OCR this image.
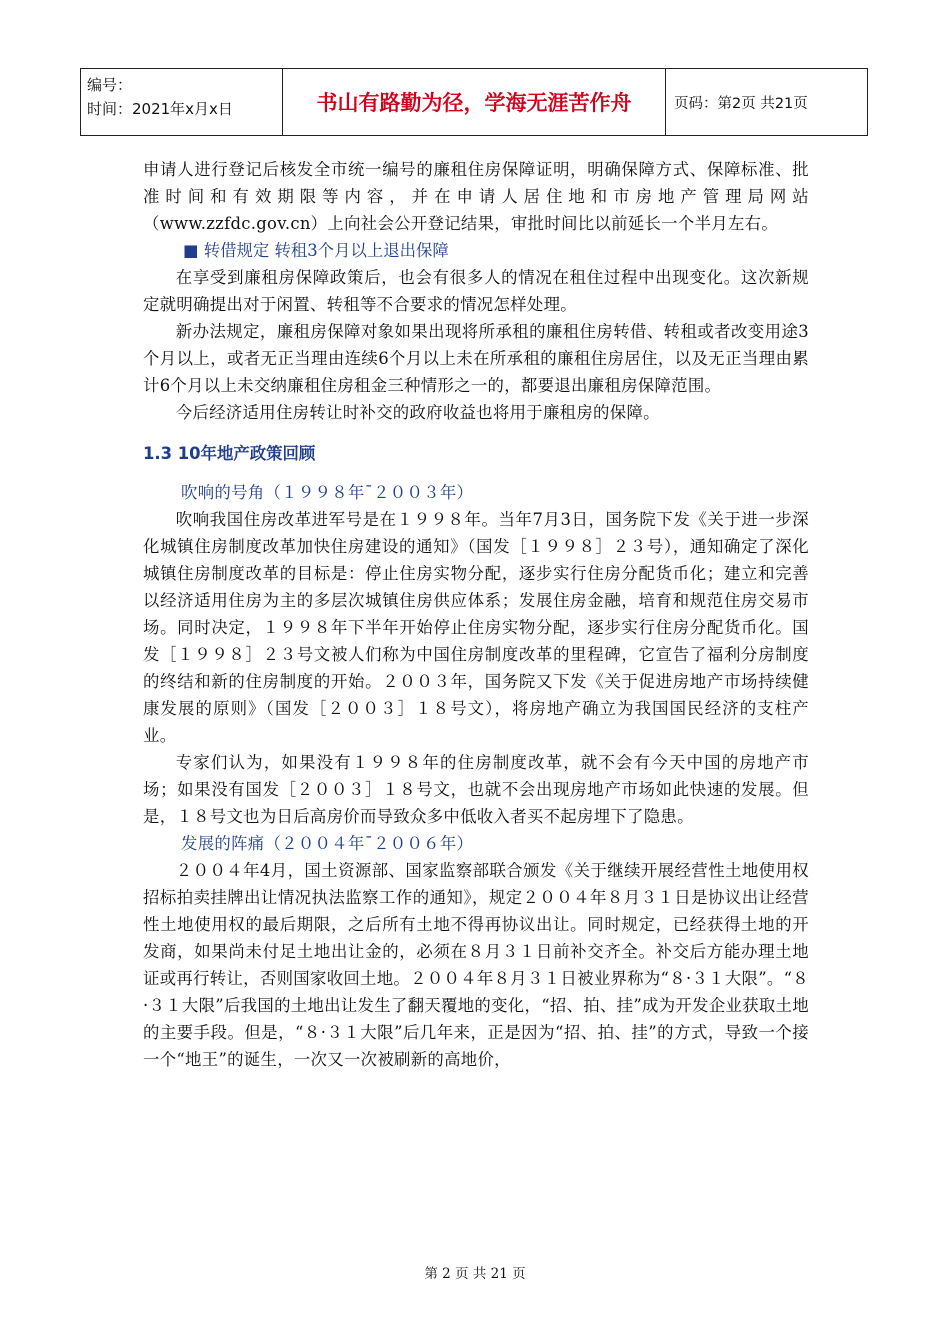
编号：
时间：2021年x月x日	书山有路勤为径，学海无涯苦作舟	页码：第2页 共21页

申请人进行登记后核发全市统一编号的廉租住房保障证明，明确保障方式、保障标准、批准时间和有效期限等内容，并在申请人居住地和市房地产管理局网站（www.zzfdc.gov.cn）上向社会公开登记结果，审批时间比以前延长一个半月左右。

■ 转借规定 转租3个月以上退出保障

在享受到廉租房保障政策后，也会有很多人的情况在租住过程中出现变化。这次新规定就明确提出对于闲置、转租等不合要求的情况怎样处理。

新办法规定，廉租房保障对象如果出现将所承租的廉租住房转借、转租或者改变用途3个月以上，或者无正当理由连续6个月以上未在所承租的廉租住房居住，以及无正当理由累计6个月以上未交纳廉租住房租金三种情形之一的，都要退出廉租房保障范围。

今后经济适用住房转让时补交的政府收益也将用于廉租房的保障。

1.3 10年地产政策回顾
吹响的号角（１９９８年¯２００３年）

吹响我国住房改革进军号是在１９９８年。当年7月3日，国务院下发《关于进一步深化城镇住房制度改革加快住房建设的通知》（国发［１９９８］２３号），通知确定了深化城镇住房制度改革的目标是：停止住房实物分配，逐步实行住房分配货币化；建立和完善以经济适用住房为主的多层次城镇住房供应体系；发展住房金融，培育和规范住房交易市场。同时决定，１９９８年下半年开始停止住房实物分配，逐步实行住房分配货币化。国发［１９９８］２３号文被人们称为中国住房制度改革的里程碑，它宣告了福利分房制度的终结和新的住房制度的开始。２００３年，国务院又下发《关于促进房地产市场持续健康发展的原则》（国发［２００３］１８号文），将房地产确立为我国国民经济的支柱产业。

专家们认为，如果没有１９９８年的住房制度改革，就不会有今天中国的房地产市场；如果没有国发［２００３］１８号文，也就不会出现房地产市场如此快速的发展。但是，１８号文也为日后高房价而导致众多中低收入者买不起房埋下了隐患。

发展的阵痛（２００４年¯２００６年）

２００４年4月，国土资源部、国家监察部联合颁发《关于继续开展经营性土地使用权招标拍卖挂牌出让情况执法监察工作的通知》，规定２００４年８月３１日是协议出让经营性土地使用权的最后期限，之后所有土地不得再协议出让。同时规定，已经获得土地的开发商，如果尚未付足土地出让金的，必须在８月３１日前补交齐全。补交后方能办理土地证或再行转让，否则国家收回土地。２００４年８月３１日被业界称为“８·３１大限”。“８·３１大限”后我国的土地出让发生了翻天覆地的变化，“招、拍、挂”成为开发企业获取土地的主要手段。但是，“８·３１大限”后几年来，正是因为“招、拍、挂”的方式，导致一个接一个“地王”的诞生，一次又一次被刷新的高地价，

第 2 页 共 21 页
